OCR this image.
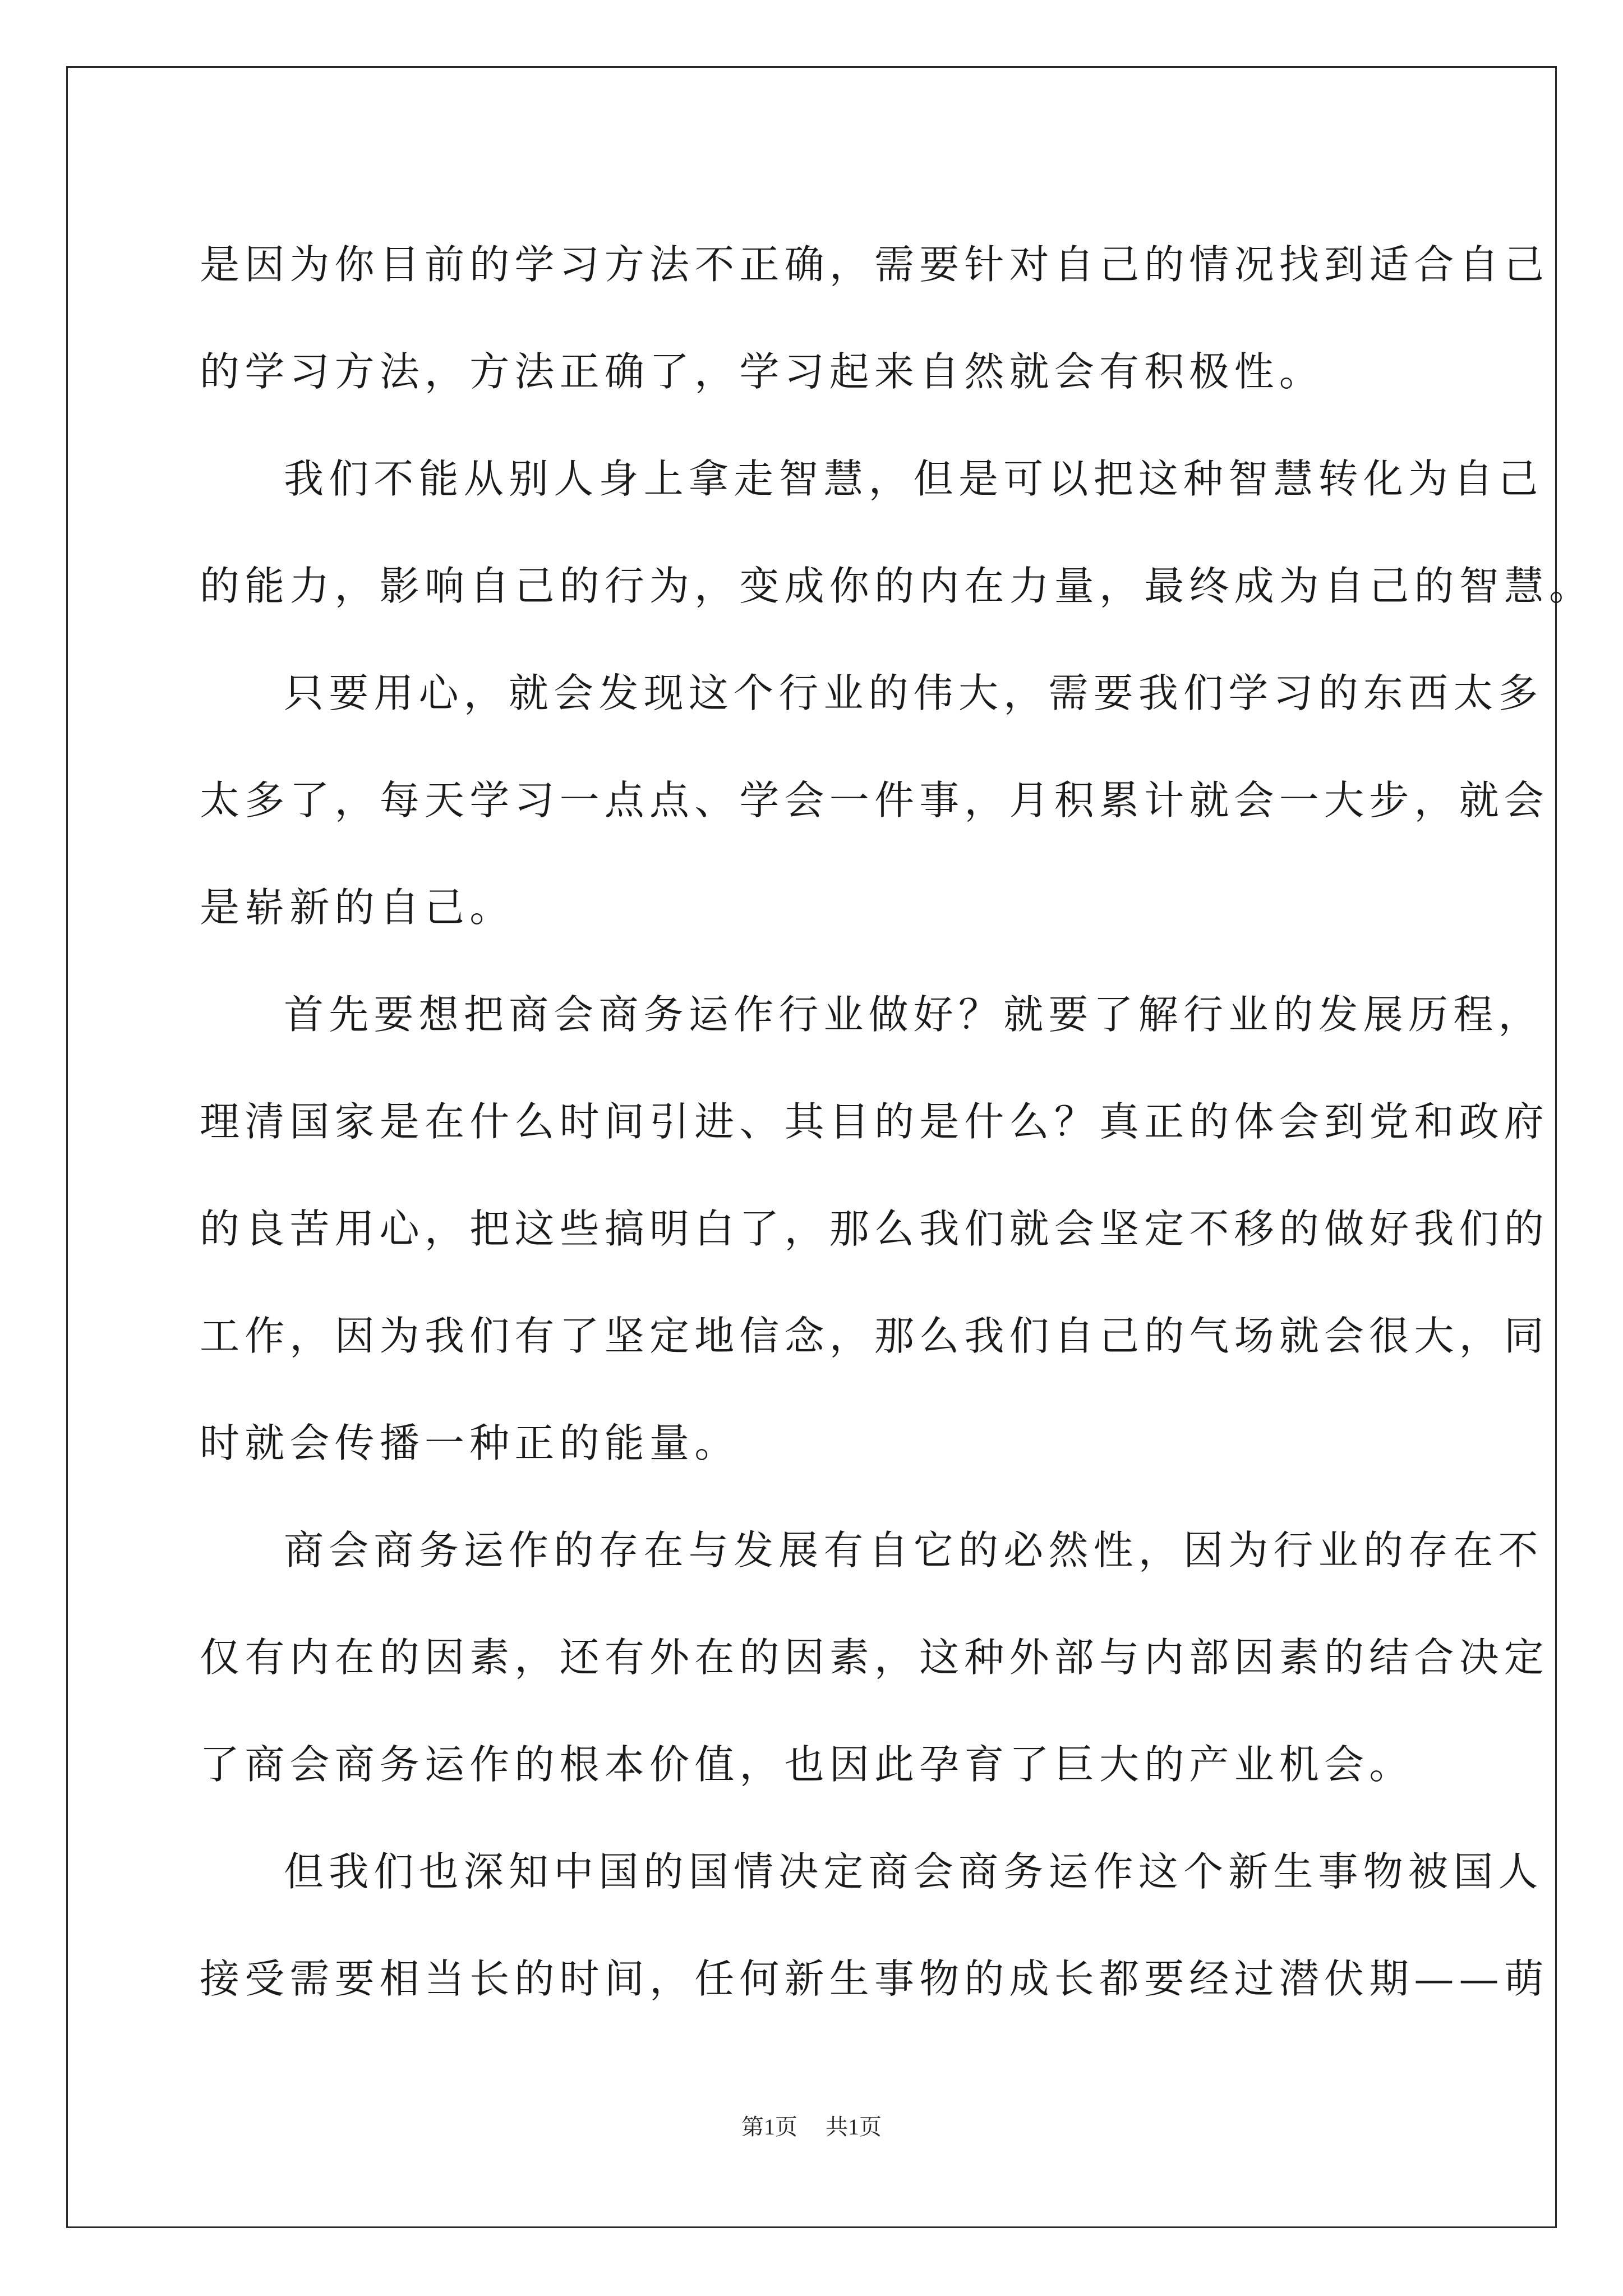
是因为你目前的学习方法不正确，需要针对自己的情况找到适合自己
的学习方法，方法正确了，学习起来自然就会有积极性。
我们不能从别人身上拿走智慧，但是可以把这种智慧转化为自己
的能力，影响自己的行为，变成你的内在力量，最终成为自己的智慧。
只要用心，就会发现这个行业的伟大，需要我们学习的东西太多
太多了，每天学习一点点、学会一件事，月积累计就会一大步，就会
是崭新的自己。
首先要想把商会商务运作行业做好？就要了解行业的发展历程，
理清国家是在什么时间引进、其目的是什么？真正的体会到党和政府
的良苦用心，把这些搞明白了，那么我们就会坚定不移的做好我们的
工作，因为我们有了坚定地信念，那么我们自己的气场就会很大，同
时就会传播一种正的能量。
商会商务运作的存在与发展有自它的必然性，因为行业的存在不
仅有内在的因素，还有外在的因素，这种外部与内部因素的结合决定
了商会商务运作的根本价值，也因此孕育了巨大的产业机会。
但我们也深知中国的国情决定商会商务运作这个新生事物被国人
接受需要相当长的时间，任何新生事物的成长都要经过潜伏期——萌
第1页 共1页
